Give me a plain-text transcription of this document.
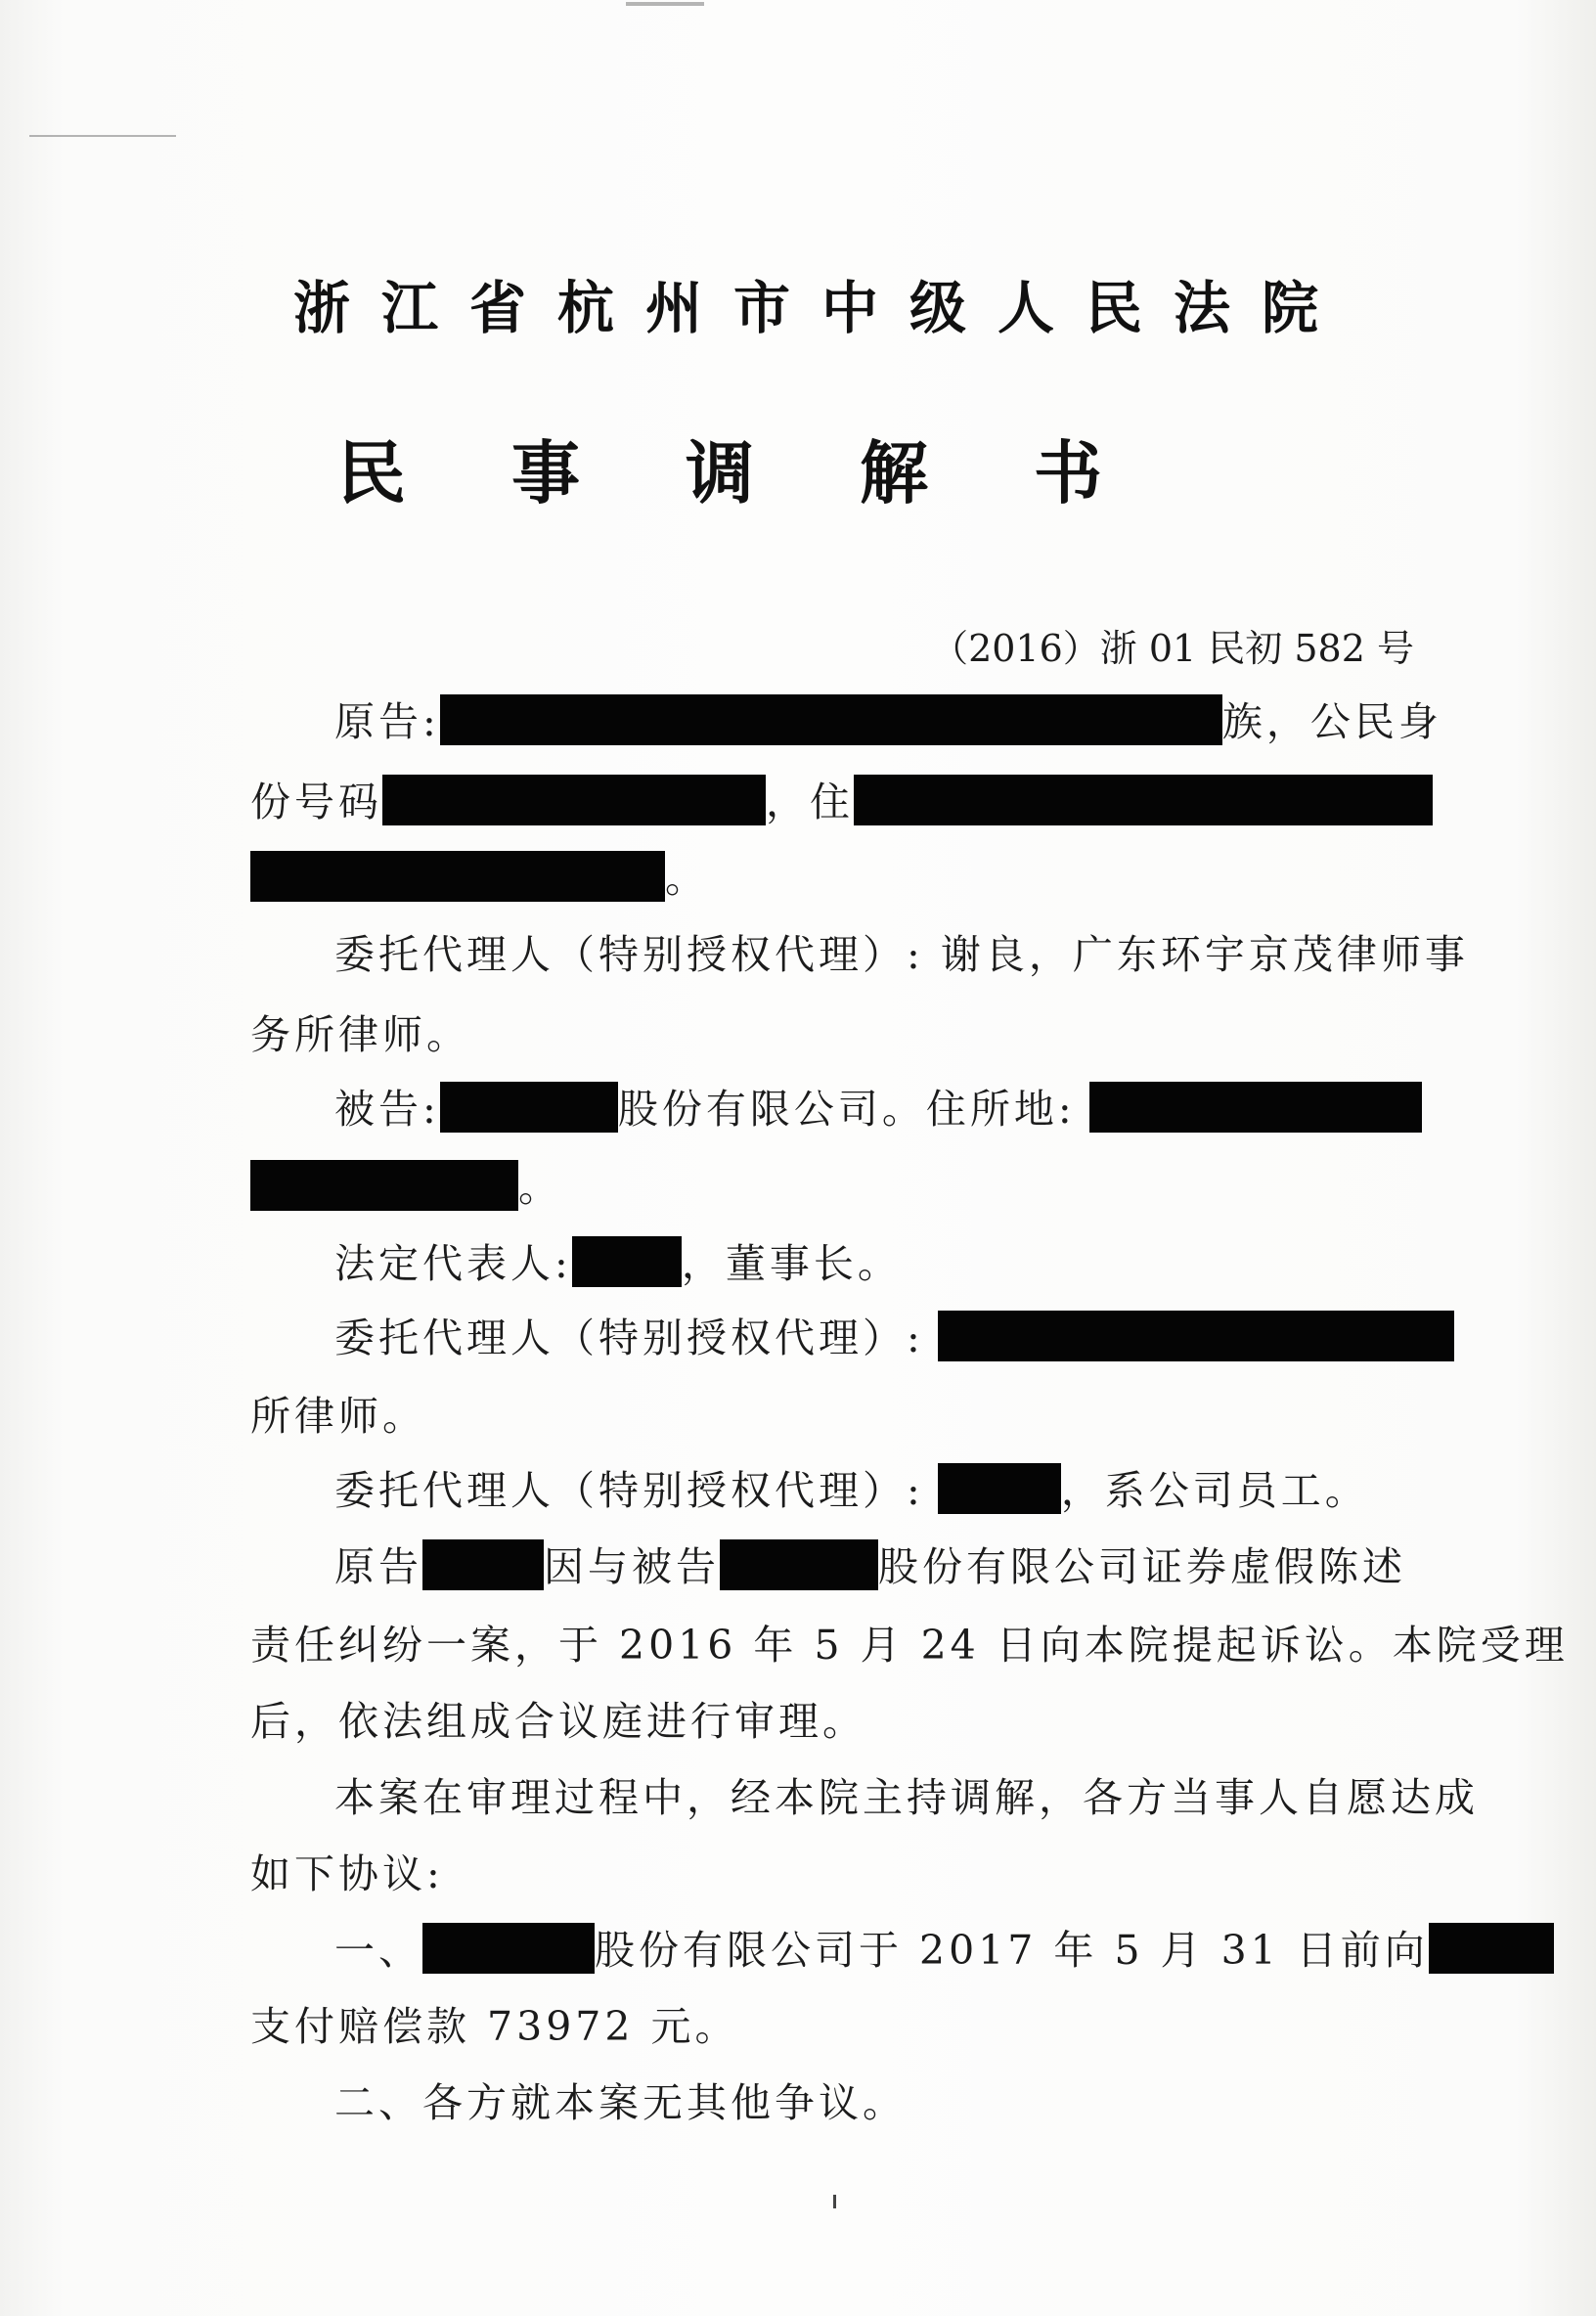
浙江省杭州市中级人民法院
民事调解书
（2016）浙 01 民初 582 号
原告:	族，公民身
份号码	，住
。
委托代理人（特别授权代理）: 谢良，广东环宇京茂律师事
务所律师。
被告:	股份有限公司。住所地:
。
法定代表人:	，董事长。
委托代理人（特别授权代理）:
所律师。
委托代理人（特别授权代理）:	，系公司员工。
原告	因与被告	股份有限公司证券虚假陈述
责任纠纷一案，于 2016 年 5 月 24 日向本院提起诉讼。本院受理
后，依法组成合议庭进行审理。
本案在审理过程中，经本院主持调解，各方当事人自愿达成
如下协议:
一、	股份有限公司于 2017 年 5 月 31 日前向
支付赔偿款 73972 元。
二、各方就本案无其他争议。
